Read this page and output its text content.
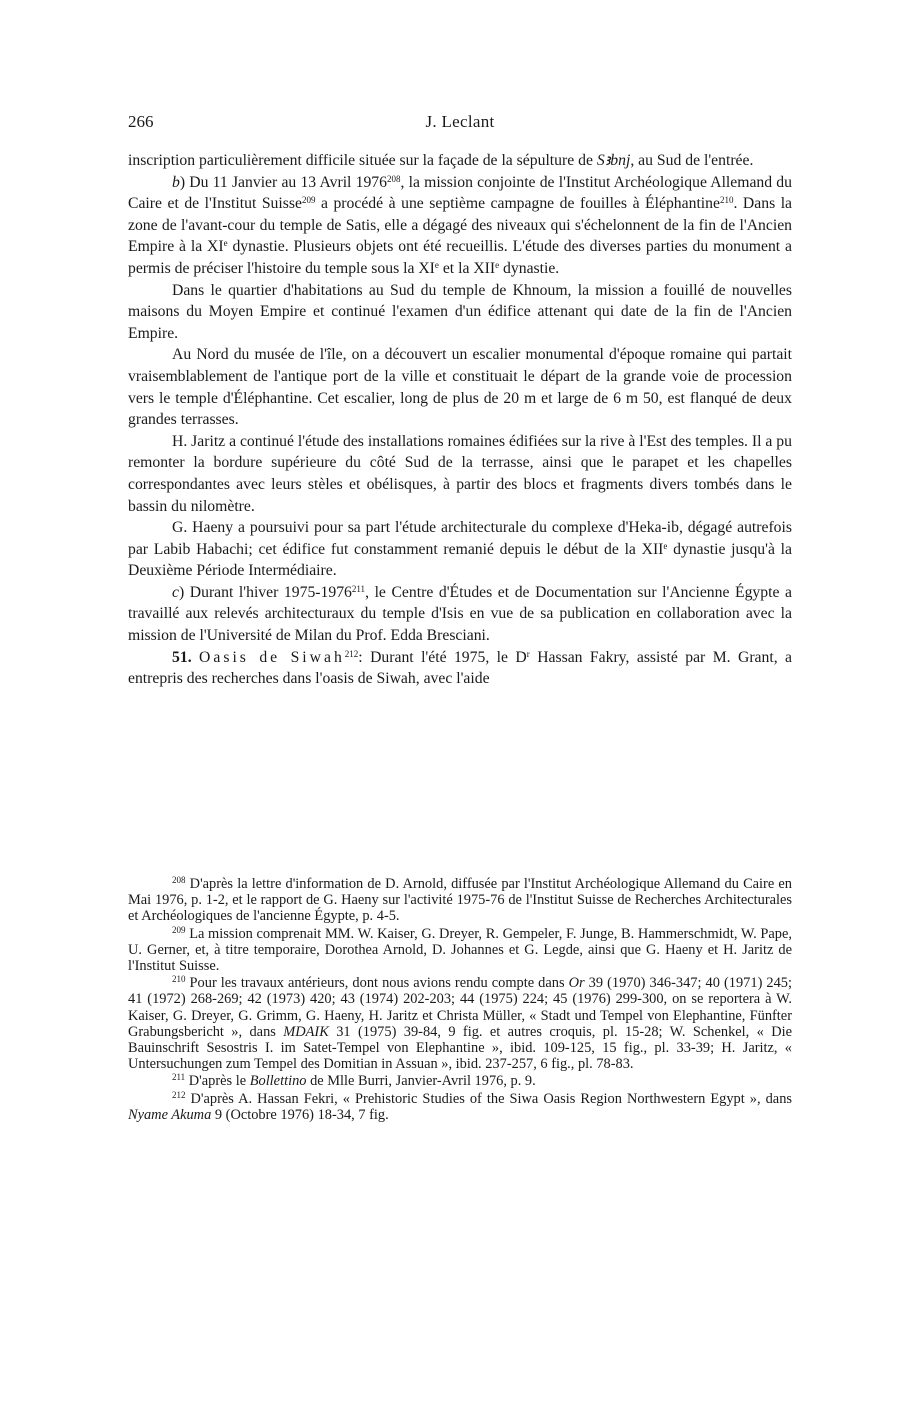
266	J. Leclant

inscription particulièrement difficile située sur la façade de la sépulture de Sꜣbnj, au Sud de l'entrée.

b) Du 11 Janvier au 13 Avril 1976$^{208}$, la mission conjointe de l'Institut Archéologique Allemand du Caire et de l'Institut Suisse$^{209}$ a procédé à une septième campagne de fouilles à Éléphantine$^{210}$. Dans la zone de l'avant-cour du temple de Satis, elle a dégagé des niveaux qui s'échelonnent de la fin de l'Ancien Empire à la XIe dynastie. Plusieurs objets ont été recueillis. L'étude des diverses parties du monument a permis de préciser l'histoire du temple sous la XIe et la XIIe dynastie.

Dans le quartier d'habitations au Sud du temple de Khnoum, la mission a fouillé de nouvelles maisons du Moyen Empire et continué l'examen d'un édifice attenant qui date de la fin de l'Ancien Empire.

Au Nord du musée de l'île, on a découvert un escalier monumental d'époque romaine qui partait vraisemblablement de l'antique port de la ville et constituait le départ de la grande voie de procession vers le temple d'Éléphantine. Cet escalier, long de plus de 20 m et large de 6 m 50, est flanqué de deux grandes terrasses.

H. Jaritz a continué l'étude des installations romaines édifiées sur la rive à l'Est des temples. Il a pu remonter la bordure supérieure du côté Sud de la terrasse, ainsi que le parapet et les chapelles correspondantes avec leurs stèles et obélisques, à partir des blocs et fragments divers tombés dans le bassin du nilomètre.

G. Haeny a poursuivi pour sa part l'étude architecturale du complexe d'Heka-ib, dégagé autrefois par Labib Habachi; cet édifice fut constamment remanié depuis le début de la XIIe dynastie jusqu'à la Deuxième Période Intermédiaire.

c) Durant l'hiver 1975-1976$^{211}$, le Centre d'Études et de Documentation sur l'Ancienne Égypte a travaillé aux relevés architecturaux du temple d'Isis en vue de sa publication en collaboration avec la mission de l'Université de Milan du Prof. Edda Bresciani.

51. Oasis de Siwah$^{212}$: Durant l'été 1975, le $D^r$ Hassan Fakry, assisté par M. Grant, a entrepris des recherches dans l'oasis de Siwah, avec l'aide

$^{208}$ D'après la lettre d'information de D. Arnold, diffusée par l'Institut Archéologique Allemand du Caire en Mai 1976, p. 1-2, et le rapport de G. Haeny sur l'activité 1975-76 de l'Institut Suisse de Recherches Architecturales et Archéologiques de l'ancienne Égypte, p. 4-5.

$^{209}$ La mission comprenait MM. W. Kaiser, G. Dreyer, R. Gempeler, F. Junge, B. Hammerschmidt, W. Pape, U. Gerner, et, à titre temporaire, Dorothea Arnold, D. Johannes et G. Legde, ainsi que G. Haeny et H. Jaritz de l'Institut Suisse.

$^{210}$ Pour les travaux antérieurs, dont nous avions rendu compte dans Or 39 (1970) 346-347; 40 (1971) 245; 41 (1972) 268-269; 42 (1973) 420; 43 (1974) 202-203; 44 (1975) 224; 45 (1976) 299-300, on se reportera à W. Kaiser, G. Dreyer, G. Grimm, G. Haeny, H. Jaritz et Christa Müller, « Stadt und Tempel von Elephantine, Fünfter Grabungsbericht », dans MDAIK 31 (1975) 39-84, 9 fig. et autres croquis, pl. 15-28; W. Schenkel, « Die Bauinschrift Sesostris I. im Satet-Tempel von Elephantine », ibid. 109-125, 15 fig., pl. 33-39; H. Jaritz, « Untersuchungen zum Tempel des Domitian in Assuan », ibid. 237-257, 6 fig., pl. 78-83.

$^{211}$ D'après le Bollettino de Mlle Burri, Janvier-Avril 1976, p. 9.

$^{212}$ D'après A. Hassan Fekri, « Prehistoric Studies of the Siwa Oasis Region Northwestern Egypt », dans Nyame Akuma 9 (Octobre 1976) 18-34, 7 fig.
